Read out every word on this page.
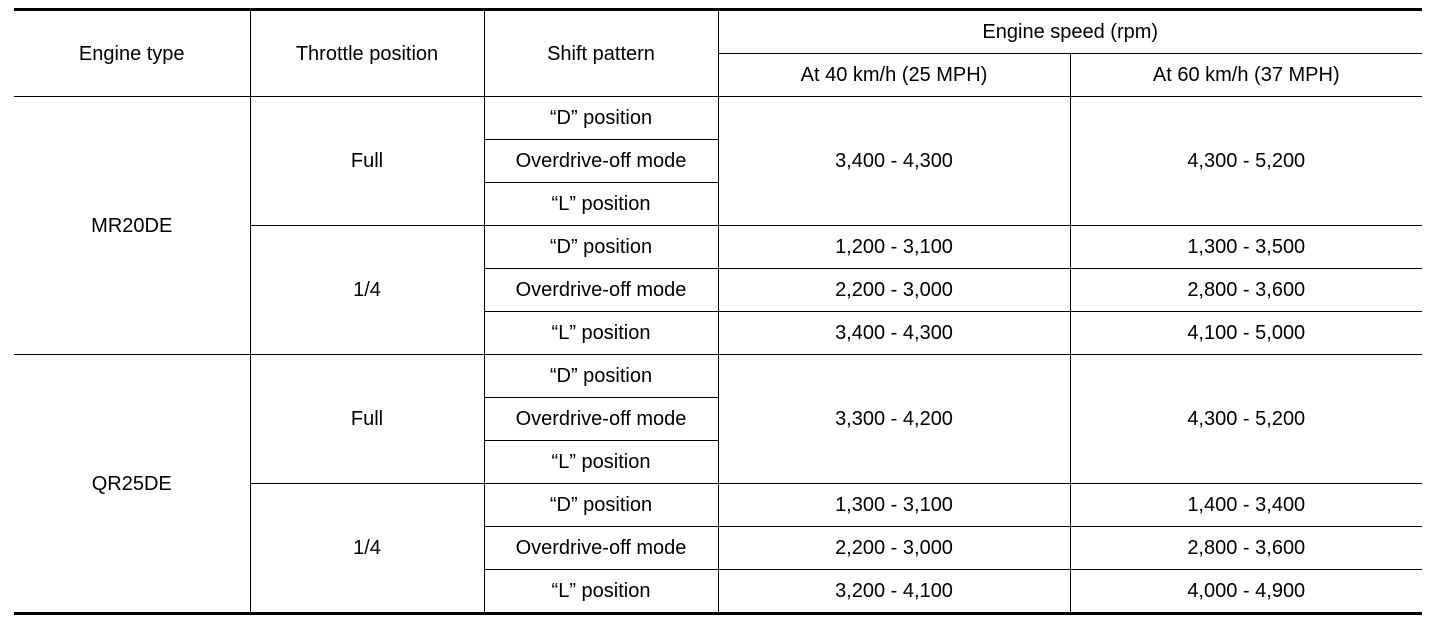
Engine type	Throttle position	Shift pattern	Engine speed (rpm)	
			At 40 km/h (25 MPH)	At 60 km/h (37 MPH)
MR20DE	Full	“D” position	3,400 - 4,300	4,300 - 5,200
		Overdrive-off mode		
		“L” position		
	1/4	“D” position	1,200 - 3,100	1,300 - 3,500
		Overdrive-off mode	2,200 - 3,000	2,800 - 3,600
		“L” position	3,400 - 4,300	4,100 - 5,000
QR25DE	Full	“D” position	3,300 - 4,200	4,300 - 5,200
		Overdrive-off mode		
		“L” position		
	1/4	“D” position	1,300 - 3,100	1,400 - 3,400
		Overdrive-off mode	2,200 - 3,000	2,800 - 3,600
		“L” position	3,200 - 4,100	4,000 - 4,900
